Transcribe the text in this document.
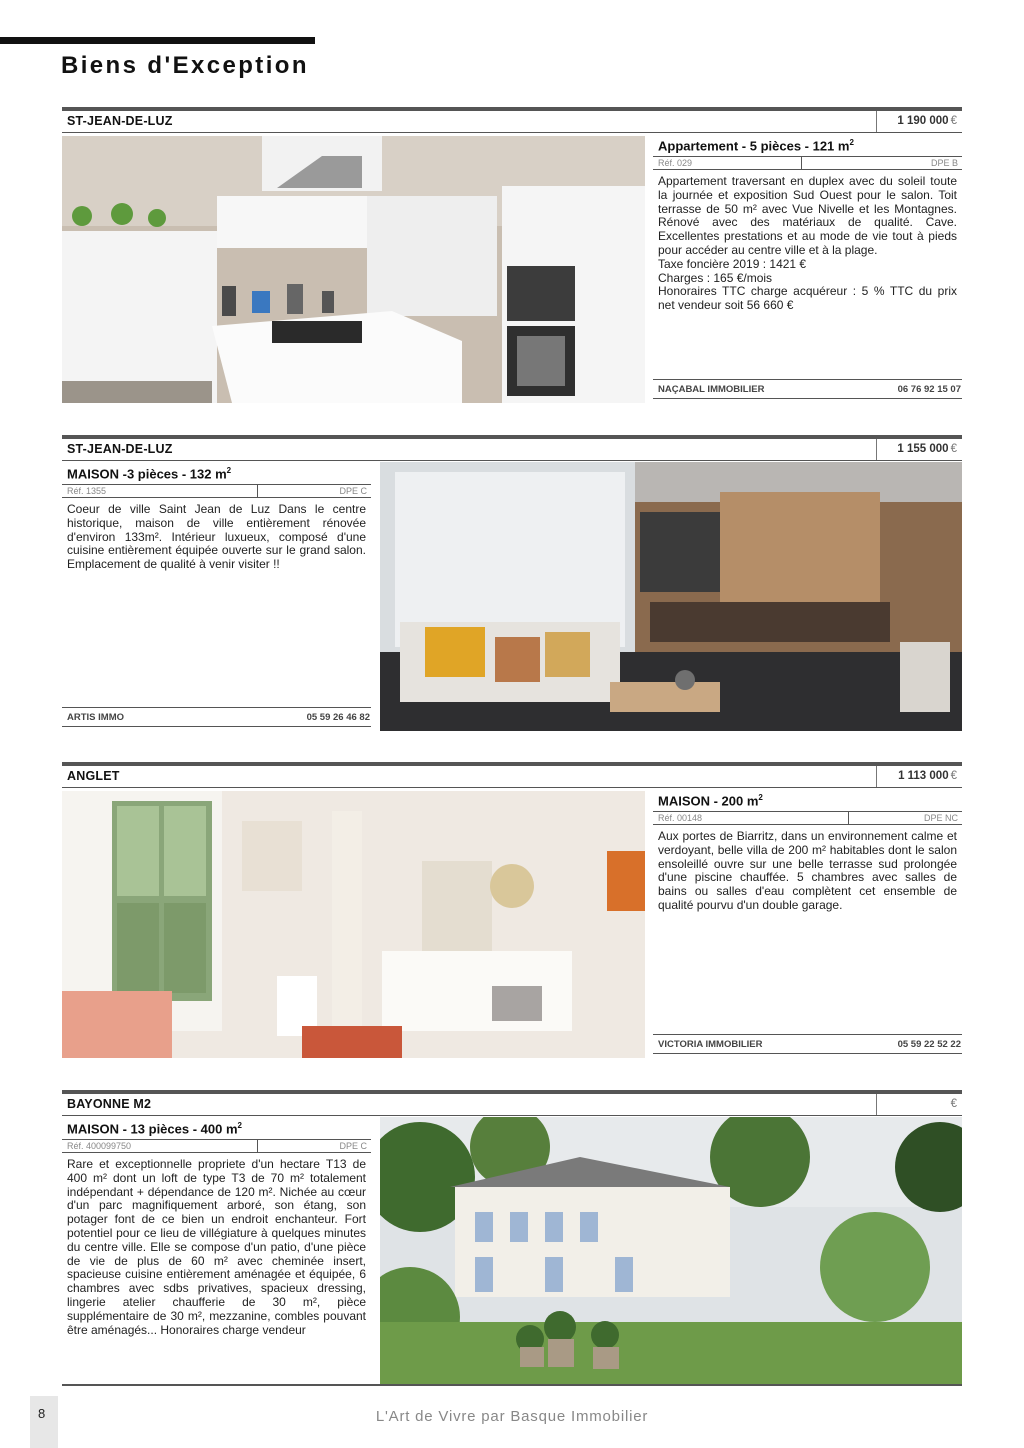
Biens d'Exception
ST-JEAN-DE-LUZ	1 190 000 €
Appartement - 5 pièces - 121 $m^2$
Réf. 029	DPE B

Appartement traversant en duplex avec du soleil toute la journée et exposition Sud Ouest pour le salon. Toit terrasse de 50 m² avec Vue Nivelle et les Montagnes. Rénové avec des matériaux de qualité. Cave. Excellentes prestations et au mode de vie tout à pieds pour accéder au centre ville et à la plage.

Taxe foncière 2019 : 1421 €

Charges : 165 €/mois

Honoraires TTC charge acquéreur : 5 % TTC du prix net vendeur soit 56 660 €

NAÇABAL IMMOBILIER	06 76 92 15 07
ST-JEAN-DE-LUZ	1 155 000 €
MAISON -3 pièces - 132 $m^2$
Réf. 1355	DPE C

Coeur de ville Saint Jean de Luz Dans le centre historique, maison de ville entièrement rénovée d'environ 133m². Intérieur luxueux, composé d'une cuisine entièrement équipée ouverte sur le grand salon. Emplacement de qualité à venir visiter !!

ARTIS IMMO	05 59 26 46 82
ANGLET	1 113 000 €
MAISON - 200 $m^2$
Réf. 00148	DPE NC

Aux portes de Biarritz, dans un environnement calme et verdoyant, belle villa de 200 m² habitables dont le salon ensoleillé ouvre sur une belle terrasse sud prolongée d'une piscine chauffée. 5 chambres avec salles de bains ou salles d'eau complètent cet ensemble de qualité pourvu d'un double garage.

VICTORIA IMMOBILIER	05 59 22 52 22
BAYONNE M2	€
MAISON - 13 pièces - 400 $m^2$
Réf. 400099750	DPE C

Rare et exceptionnelle propriete d'un hectare T13 de 400 m² dont un loft de type T3 de 70 m² totalement indépendant + dépendance de 120 m². Nichée au cœur d'un parc magnifiquement arboré, son étang, son potager font de ce bien un endroit enchanteur. Fort potentiel pour ce lieu de villégiature à quelques minutes du centre ville. Elle se compose d'un patio, d'une pièce de vie de plus de 60 m² avec cheminée insert, spacieuse cuisine entièrement aménagée et équipée, 6 chambres avec sdbs privatives, spacieux dressing, lingerie atelier chaufferie de 30 m², pièce supplémentaire de 30 m², mezzanine, combles pouvant être aménagés... Honoraires charge vendeur

8	L'Art de Vivre par Basque Immobilier
